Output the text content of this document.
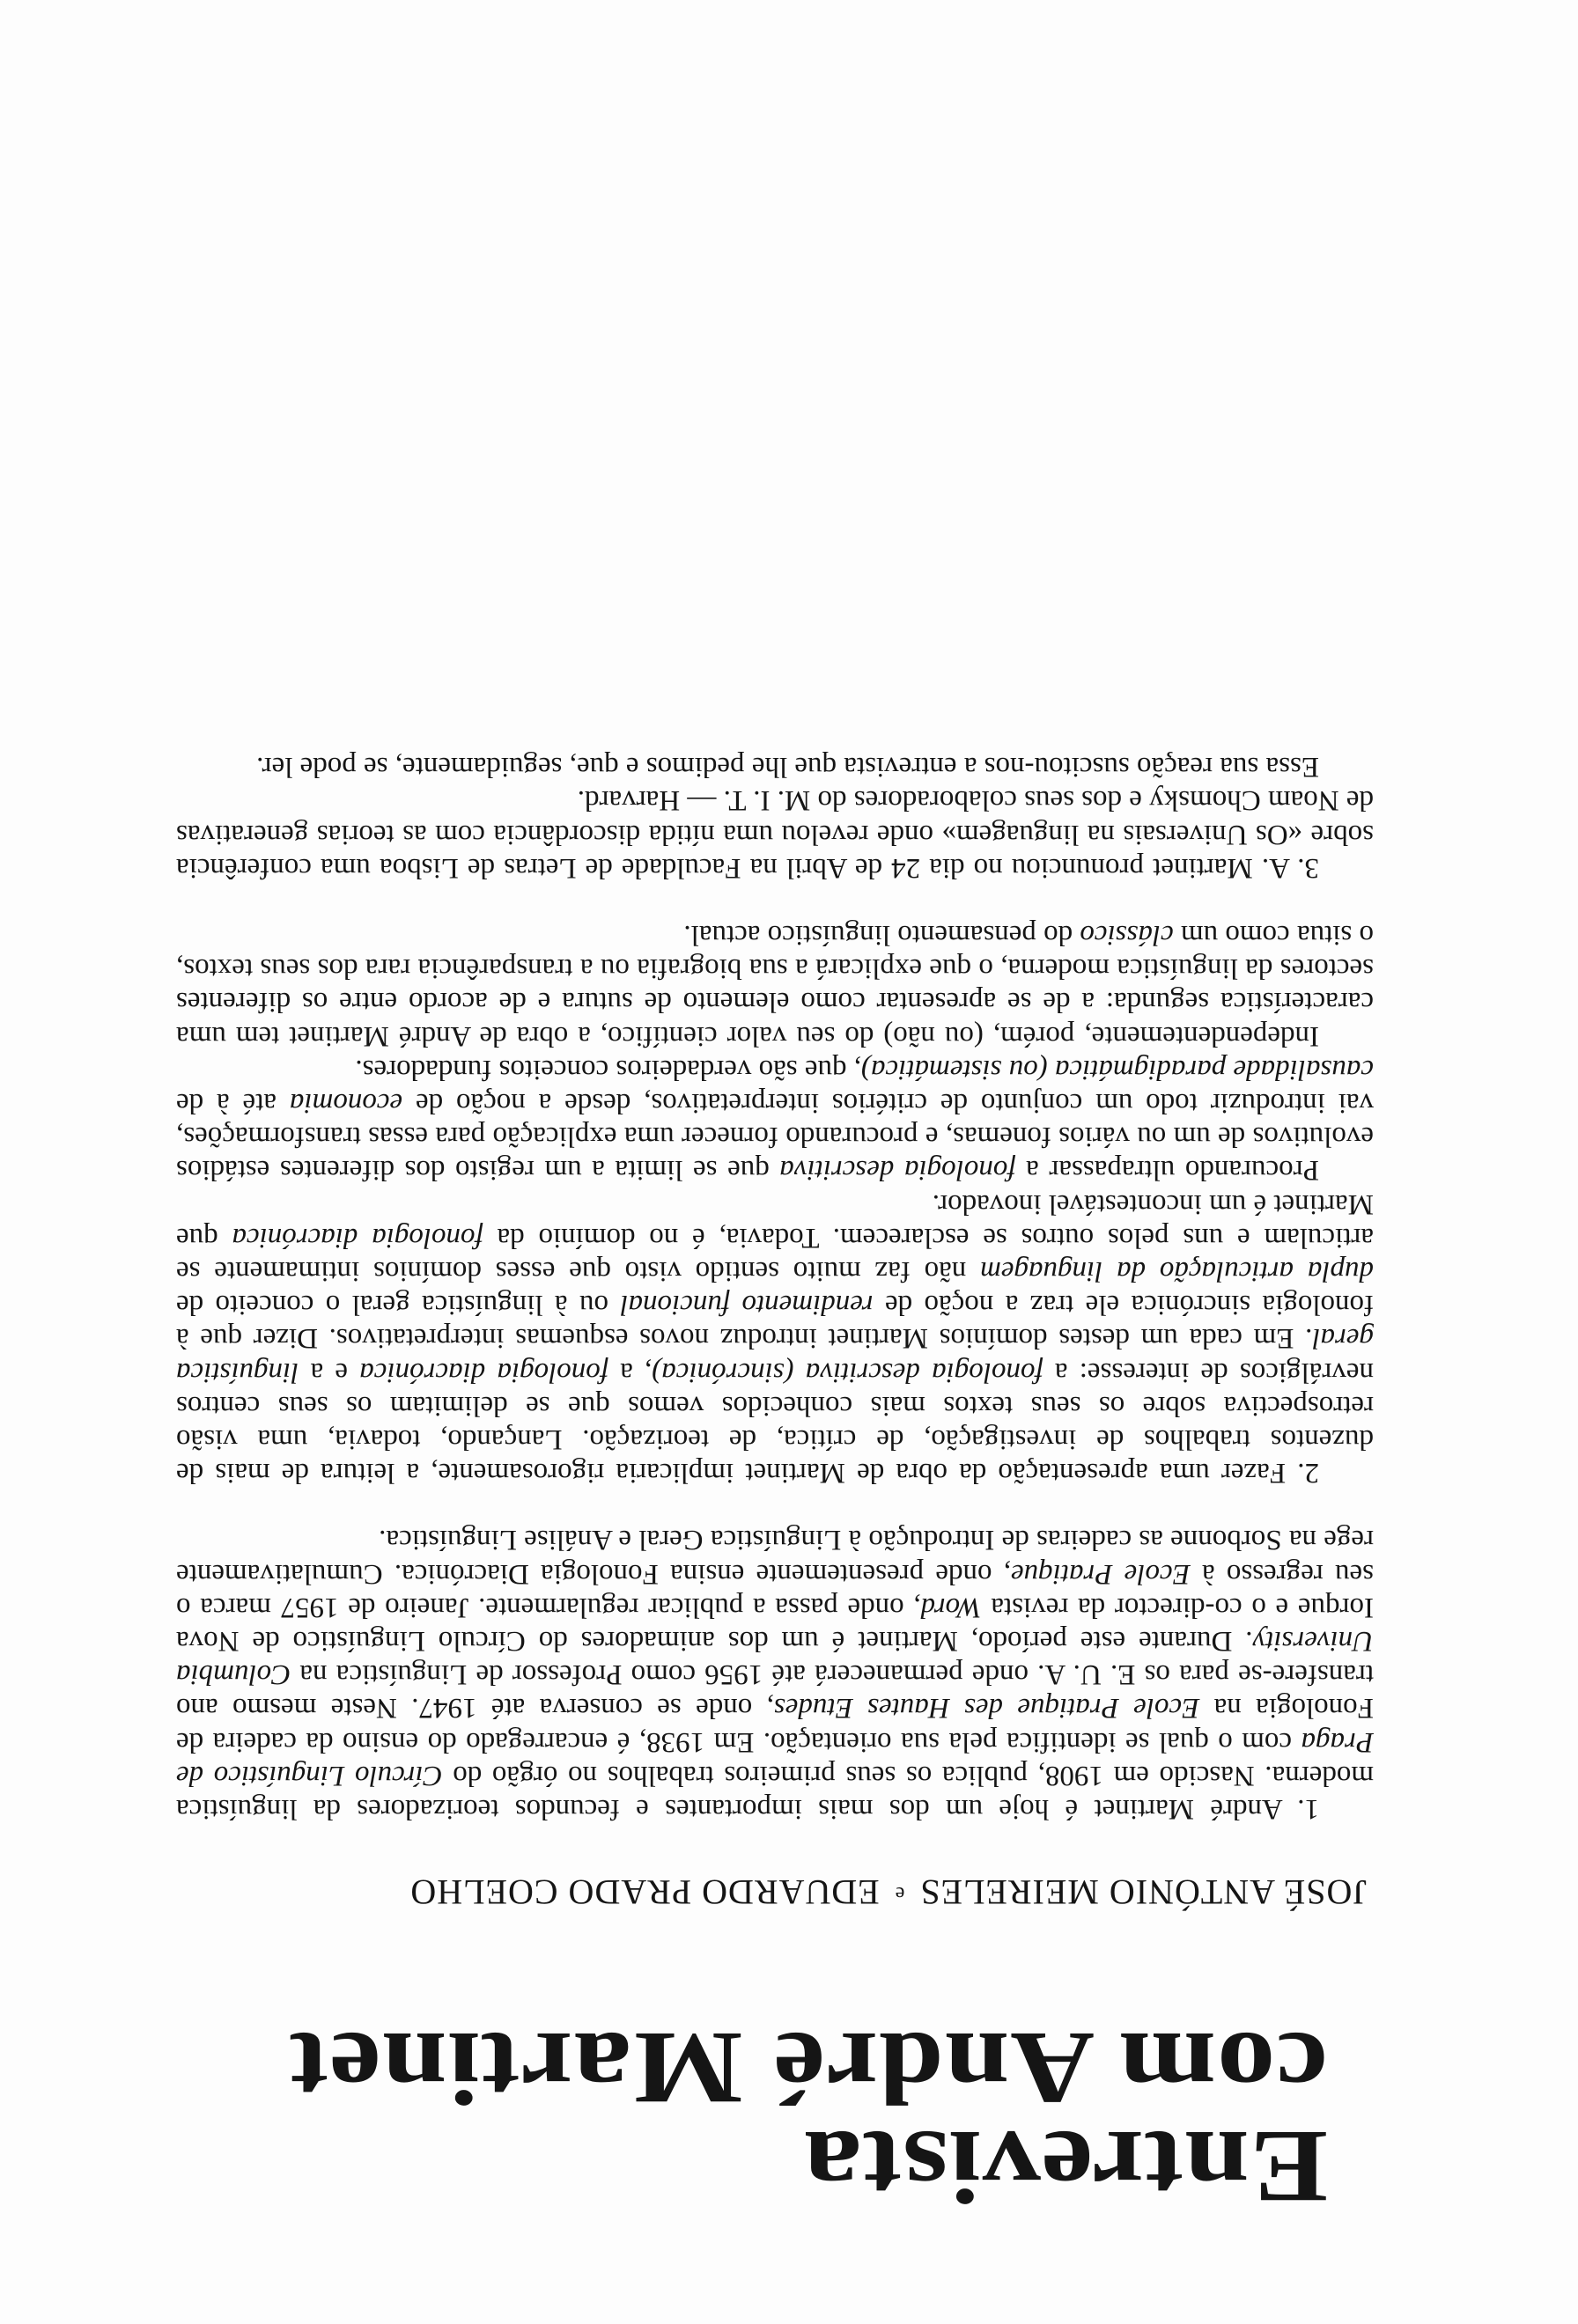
Entrevista
com André Martinet
JOSÉ ANTÓNIO MEIRELES $^e$ EDUARDO PRADO COELHO

1. André Martinet é hoje um dos mais importantes e fecundos teorizadores da linguística moderna. Nascido em 1908, publica os seus primeiros trabalhos no órgão do Círculo Linguístico de Praga com o qual se identifica pela sua orientação. Em 1938, é encarregado do ensino da cadeira de Fonologia na Ecole Pratique des Hautes Etudes, onde se conserva até 1947. Neste mesmo ano transfere-se para os E. U. A. onde permanecerá até 1956 como Professor de Linguística na Columbia University. Durante este período, Martinet é um dos animadores do Círculo Linguístico de Nova Iorque e o co-director da revista Word, onde passa a publicar regularmente. Janeiro de 1957 marca o seu regresso à Ecole Pratique, onde presentemente ensina Fonologia Diacrónica. Cumulativamente rege na Sorbonne as cadeiras de Introdução à Linguística Geral e Análise Linguística.

2. Fazer uma apresentação da obra de Martinet implicaria rigorosamente, a leitura de mais de duzentos trabalhos de investigação, de crítica, de teorização. Lançando, todavia, uma visão retrospectiva sobre os seus textos mais conhecidos vemos que se delimitam os seus centros nevrálgicos de interesse: a fonologia descritiva (sincrónica), a fonologia diacrónica e a linguística geral. Em cada um destes domínios Martinet introduz novos esquemas interpretativos. Dizer que à fonologia sincrónica ele traz a noção de rendimento funcional ou à linguística geral o conceito de dupla articulação da linguagem não faz muito sentido visto que esses domínios intimamente se articulam e uns pelos outros se esclarecem. Todavia, é no domínio da fonologia diacrónica que Martinet é um incontestável inovador.

Procurando ultrapassar a fonologia descritiva que se limita a um registo dos diferentes estádios evolutivos de um ou vários fonemas, e procurando fornecer uma explicação para essas transformações, vai introduzir todo um conjunto de critérios interpretativos, desde a noção de economia até à de causalidade paradigmática (ou sistemática), que são verdadeiros conceitos fundadores.

Independentemente, porém, (ou não) do seu valor científico, a obra de André Martinet tem uma característica segunda: a de se apresentar como elemento de sutura e de acordo entre os diferentes sectores da linguística moderna, o que explicará a sua biografia ou a transparência rara dos seus textos, o situa como um clássico do pensamento linguístico actual.

3. A. Martinet pronunciou no dia 24 de Abril na Faculdade de Letras de Lisboa uma conferência sobre «Os Universais na linguagem» onde revelou uma nítida discordância com as teorias generativas de Noam Chomsky e dos seus colaboradores do M. I. T. — Harvard.

Essa sua reação suscitou-nos a entrevista que lhe pedimos e que, seguidamente, se pode ler.
